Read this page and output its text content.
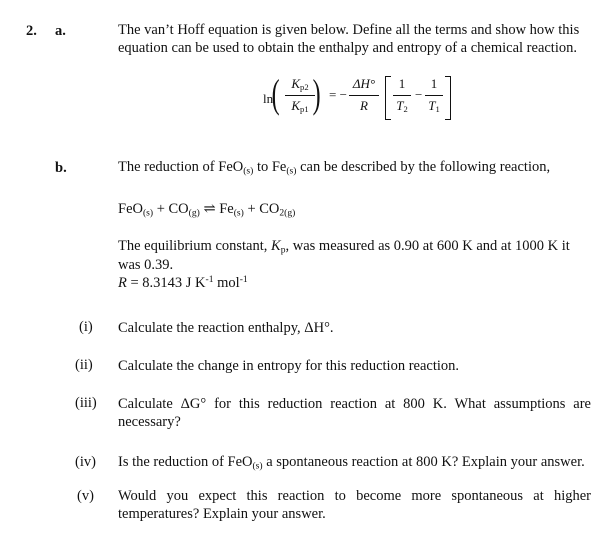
2. a.	The van’t Hoff equation is given below. Define all the terms and show how this
equation can be used to obtain the enthalpy and entropy of a chemical reaction.
ln
( $K_{p2}$
$K_{p1}$ ) = −
ΔH°
R
1
$T_2$
−
1
$T_1$
b.	The reduction of FeO$_{(s)}$ to $Fe_{(s)}$ can be described by the following reaction,
$FeO_{(s)} + CO_{(g)}$ ⇌ $Fe_{(s)} + CO_{2(g)}$
The equilibrium constant, $K_p$, was measured as 0.90 at 600 K and at 1000 K it
was 0.39.
R = 8.3143 J $K^{-1}$ mol$^{-1}$
(i) Calculate the reaction enthalpy, ΔH°.
(ii) Calculate the change in entropy for this reduction reaction.
(iii) Calculate ΔG° for this reduction reaction at 800 K. What assumptions are necessary?
(iv) Is the reduction of FeO$_{(s)}$ a spontaneous reaction at 800 K? Explain your answer.
(v) Would you expect this reaction to become more spontaneous at higher temperatures? Explain your answer.
